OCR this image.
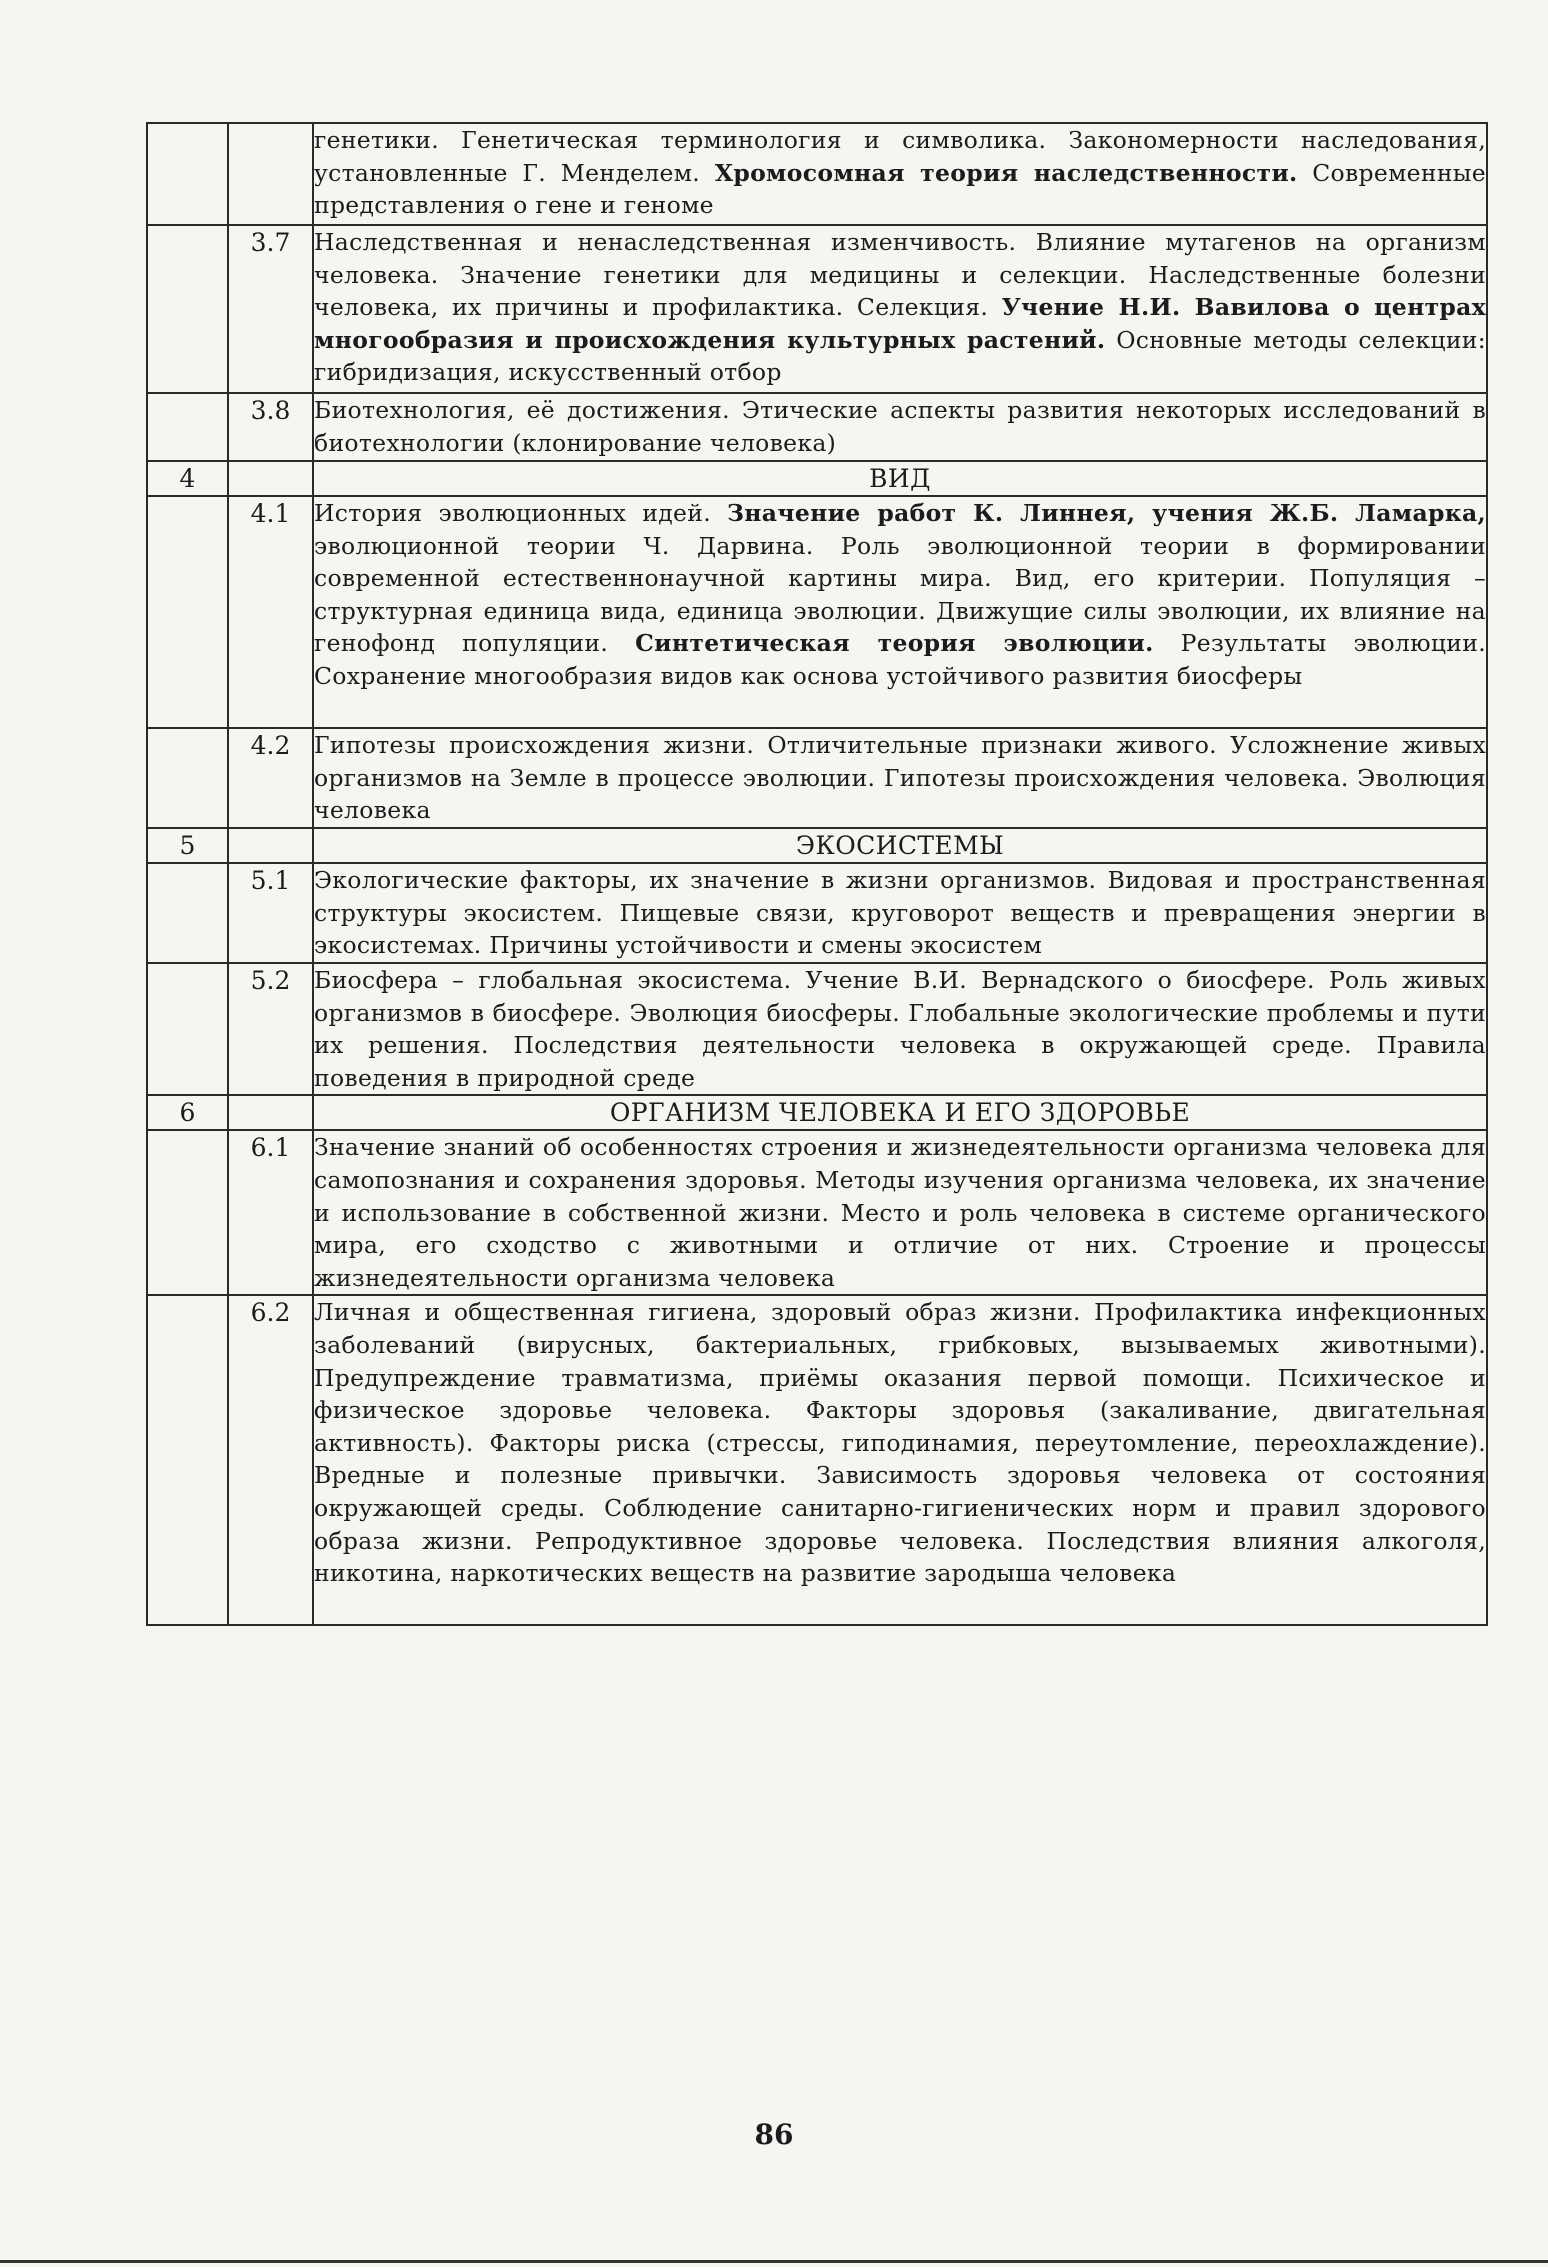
		генетики. Генетическая терминология и символика. Закономерности наследования, установленные Г. Менделем. Хромосомная теория наследственности. Современные представления о гене и геноме
	3.7	Наследственная и ненаследственная изменчивость. Влияние мутагенов на организм человека. Значение генетики для медицины и селекции. Наследственные болезни человека, их причины и профилактика. Селекция. Учение Н.И. Вавилова о центрах многообразия и происхождения культурных растений. Основные методы селекции: гибридизация, искусственный отбор
	3.8	Биотехнология, её достижения. Этические аспекты развития некоторых исследований в биотехнологии (клонирование человека)
4		ВИД
	4.1	История эволюционных идей. Значение работ К. Линнея, учения Ж.Б. Ламарка, эволюционной теории Ч. Дарвина. Роль эволюционной теории в формировании современной естественнонаучной картины мира. Вид, его критерии. Популяция – структурная единица вида, единица эволюции. Движущие силы эволюции, их влияние на генофонд популяции. Синтетическая теория эволюции. Результаты эволюции. Сохранение многообразия видов как основа устойчивого развития биосферы
	4.2	Гипотезы происхождения жизни. Отличительные признаки живого. Усложнение живых организмов на Земле в процессе эволюции. Гипотезы происхождения человека. Эволюция человека
5		ЭКОСИСТЕМЫ
	5.1	Экологические факторы, их значение в жизни организмов. Видовая и пространственная структуры экосистем. Пищевые связи, круговорот веществ и превращения энергии в экосистемах. Причины устойчивости и смены экосистем
	5.2	Биосфера – глобальная экосистема. Учение В.И. Вернадского о биосфере. Роль живых организмов в биосфере. Эволюция биосферы. Глобальные экологические проблемы и пути их решения. Последствия деятельности человека в окружающей среде. Правила поведения в природной среде
6		ОРГАНИЗМ ЧЕЛОВЕКА И ЕГО ЗДОРОВЬЕ
	6.1	Значение знаний об особенностях строения и жизнедеятельности организма человека для самопознания и сохранения здоровья. Методы изучения организма человека, их значение и использование в собственной жизни. Место и роль человека в системе органического мира, его сходство с животными и отличие от них. Строение и процессы жизнедеятельности организма человека
	6.2	Личная и общественная гигиена, здоровый образ жизни. Профилактика инфекционных заболеваний (вирусных, бактериальных, грибковых, вызываемых животными). Предупреждение травматизма, приёмы оказания первой помощи. Психическое и физическое здоровье человека. Факторы здоровья (закаливание, двигательная активность). Факторы риска (стрессы, гиподинамия, переутомление, переохлаждение). Вредные и полезные привычки. Зависимость здоровья человека от состояния окружающей среды. Соблюдение санитарно-гигиенических норм и правил здорового образа жизни. Репродуктивное здоровье человека. Последствия влияния алкоголя, никотина, наркотических веществ на развитие зародыша человека
86
